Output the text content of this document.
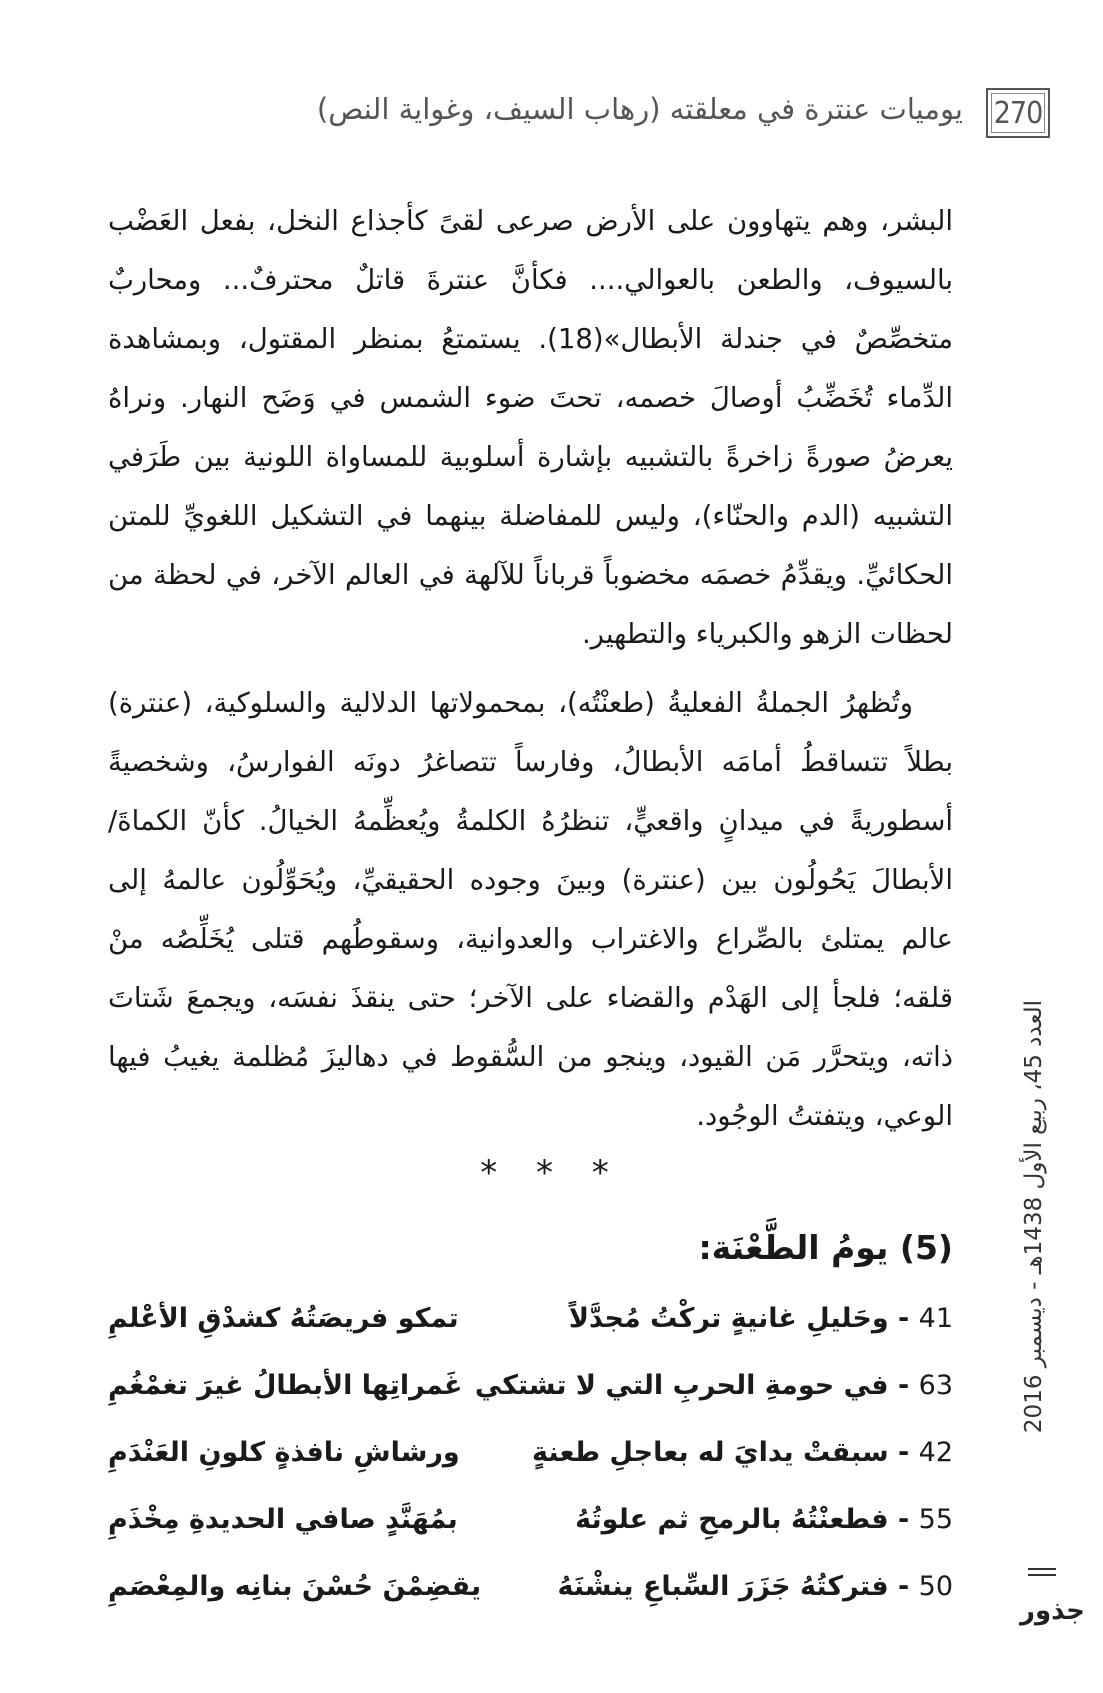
270
يوميات عنترة في معلقته (رهاب السيف، وغواية النص)

البشر، وهم يتهاوون على الأرض صرعى لقىً كأجذاع النخل، بفعل العَضْب بالسيوف، والطعن بالعوالي.... فكأنَّ عنترةَ قاتلٌ محترفٌ... ومحاربٌ متخصِّصٌ في جندلة الأبطال»(18). يستمتعُ بمنظر المقتول، وبمشاهدة الدِّماء تُخَضِّبُ أوصالَ خصمه، تحتَ ضوء الشمس في وَضَح النهار. ونراهُ يعرضُ صورةً زاخرةً بالتشبيه بإشارة أسلوبية للمساواة اللونية بين طَرَفي التشبيه (الدم والحنّاء)، وليس للمفاضلة بينهما في التشكيل اللغويِّ للمتن الحكائيِّ. ويقدِّمُ خصمَه مخضوباً قرباناً للآلهة في العالم الآخر، في لحظة من لحظات الزهو والكبرياء والتطهير.

وتُظهرُ الجملةُ الفعليةُ (طعنْتُه)، بمحمولاتها الدلالية والسلوكية، (عنترة) بطلاً تتساقطُ أمامَه الأبطالُ، وفارساً تتصاغرُ دونَه الفوارسُ، وشخصيةً أسطوريةً في ميدانٍ واقعيٍّ، تنظرُهُ الكلمةُ ويُعظِّمهُ الخيالُ. كأنّ الكماةَ/ الأبطالَ يَحُولُون بين (عنترة) وبينَ وجوده الحقيقيِّ، ويُحَوِّلُون عالمهُ إلى عالم يمتلئ بالصِّراع والاغتراب والعدوانية، وسقوطُهم قتلى يُخَلِّصُه منْ قلقه؛ فلجأ إلى الهَدْم والقضاء على الآخر؛ حتى ينقذَ نفسَه، ويجمعَ شَتاتَ ذاته، ويتحرَّر مَن القيود، وينجو من السُّقوط في دهاليزَ مُظلمة يغيبُ فيها الوعي، ويتفتتُ الوجُود.

* * *
(5) يومُ الطَّعْنَة:
41 - وحَليلِ غانيةٍ تركْتُ مُجدَّلاً
تمكو فريصَتُهُ كشدْقِ الأعْلمِ
63 - في حومةِ الحربِ التي لا تشتكي
غَمراتِها الأبطالُ غيرَ تغمْغُمِ
42 - سبقتْ يدايَ له بعاجلِ طعنةٍ
ورشاشِ نافذةٍ كلونِ العَنْدَمِ
55 - فطعنْتُهُ بالرمحِ ثم علوتُهُ
بمُهَنَّدٍ صافي الحديدةِ مِخْذَمِ
50 - فتركتُهُ جَزَرَ السِّباعِ ينشْنَهُ
يقضِمْنَ حُسْنَ بنانِه والمِعْصَمِ
العدد 45، ربيع الأول 1438هـ - ديسمبر 2016
جذور
